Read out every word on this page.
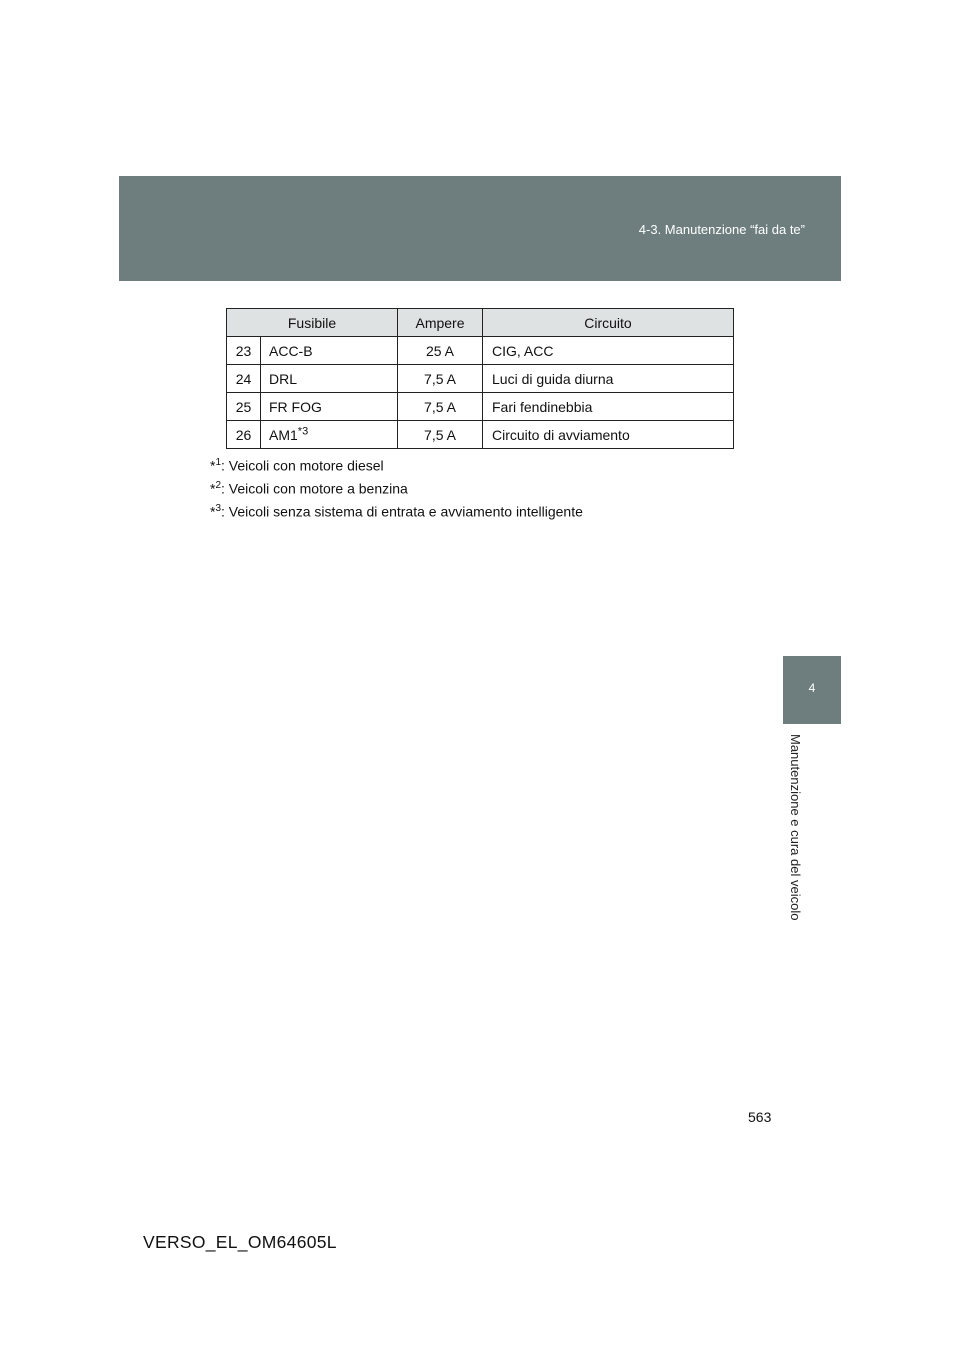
4-3. Manutenzione “fai da te”
Fusibile		Ampere	Circuito
23	ACC-B	25 A	CIG, ACC
24	DRL	7,5 A	Luci di guida diurna
25	FR FOG	7,5 A	Fari fendinebbia
26	AM1$^{*3}$	7,5 A	Circuito di avviamento
*$^1$: Veicoli con motore diesel
*$^2$: Veicoli con motore a benzina
*$^3$: Veicoli senza sistema di entrata e avviamento intelligente
4
Manutenzione e cura del veicolo
563
VERSO_EL_OM64605L
